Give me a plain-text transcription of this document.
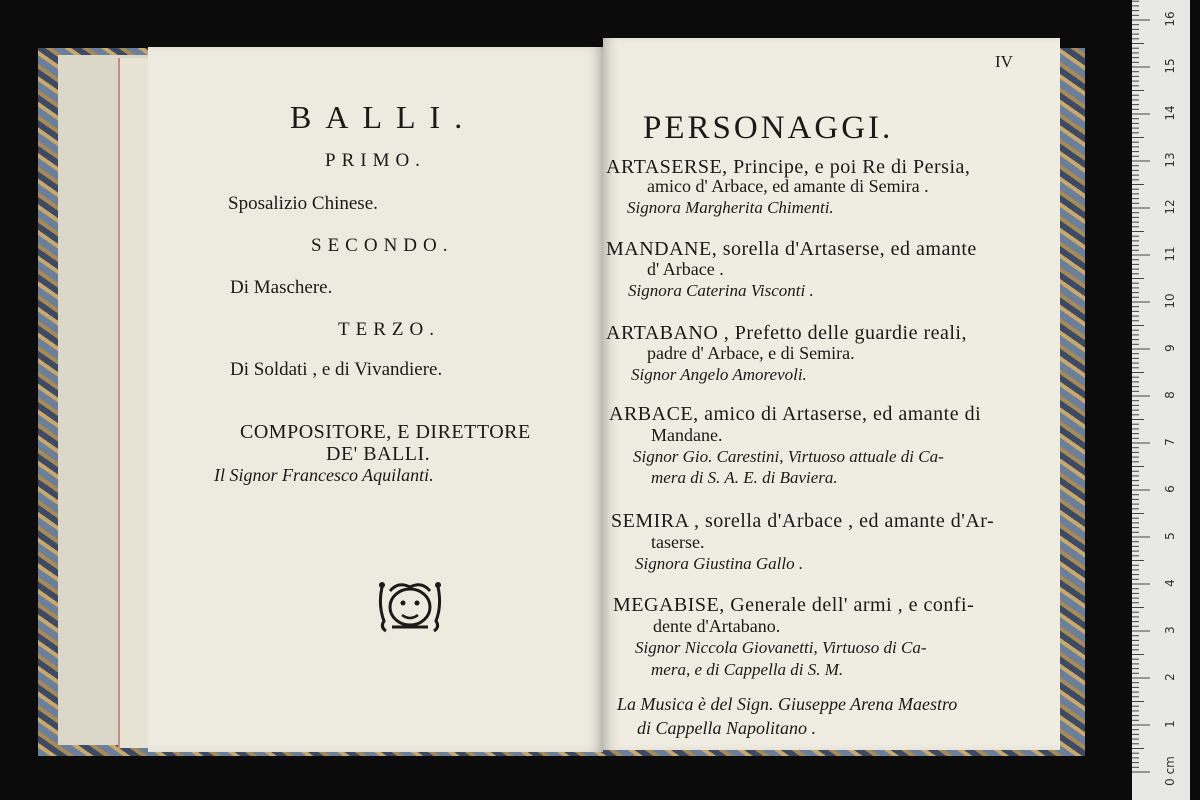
BALLI.

PRIMO.

Sposalizio Chinese.

SECONDO.

Di Maschere.

TERZO.

Di Soldati , e di Vivandiere.

COMPOSITORE, E DIRETTORE

DE' BALLI.

Il Signor Francesco Aquilanti.

IV

PERSONAGGI.

ARTASERSE, Principe, e poi Re di Persia,

amico d' Arbace, ed amante di Semira .

Signora Margherita Chimenti.

MANDANE, sorella d'Artaserse, ed amante

d' Arbace .

Signora Caterina Visconti .

ARTABANO , Prefetto delle guardie reali,

padre d' Arbace, e di Semira.

Signor Angelo Amorevoli.

ARBACE, amico di Artaserse, ed amante di

Mandane.

Signor Gio. Carestini, Virtuoso attuale di Ca-

mera di S. A. E. di Baviera.

SEMIRA , sorella d'Arbace , ed amante d'Ar-

taserse.

Signora Giustina Gallo .

MEGABISE, Generale dell' armi , e confi-

dente d'Artabano.

Signor Niccola Giovanetti, Virtuoso di Ca-

mera, e di Cappella di S. M.

La Musica è del Sign. Giuseppe Arena Maestro

di Cappella Napolitano .

0 cm
1
2
3
4
5
6
7
8
9
10
11
12
13
14
15
16
